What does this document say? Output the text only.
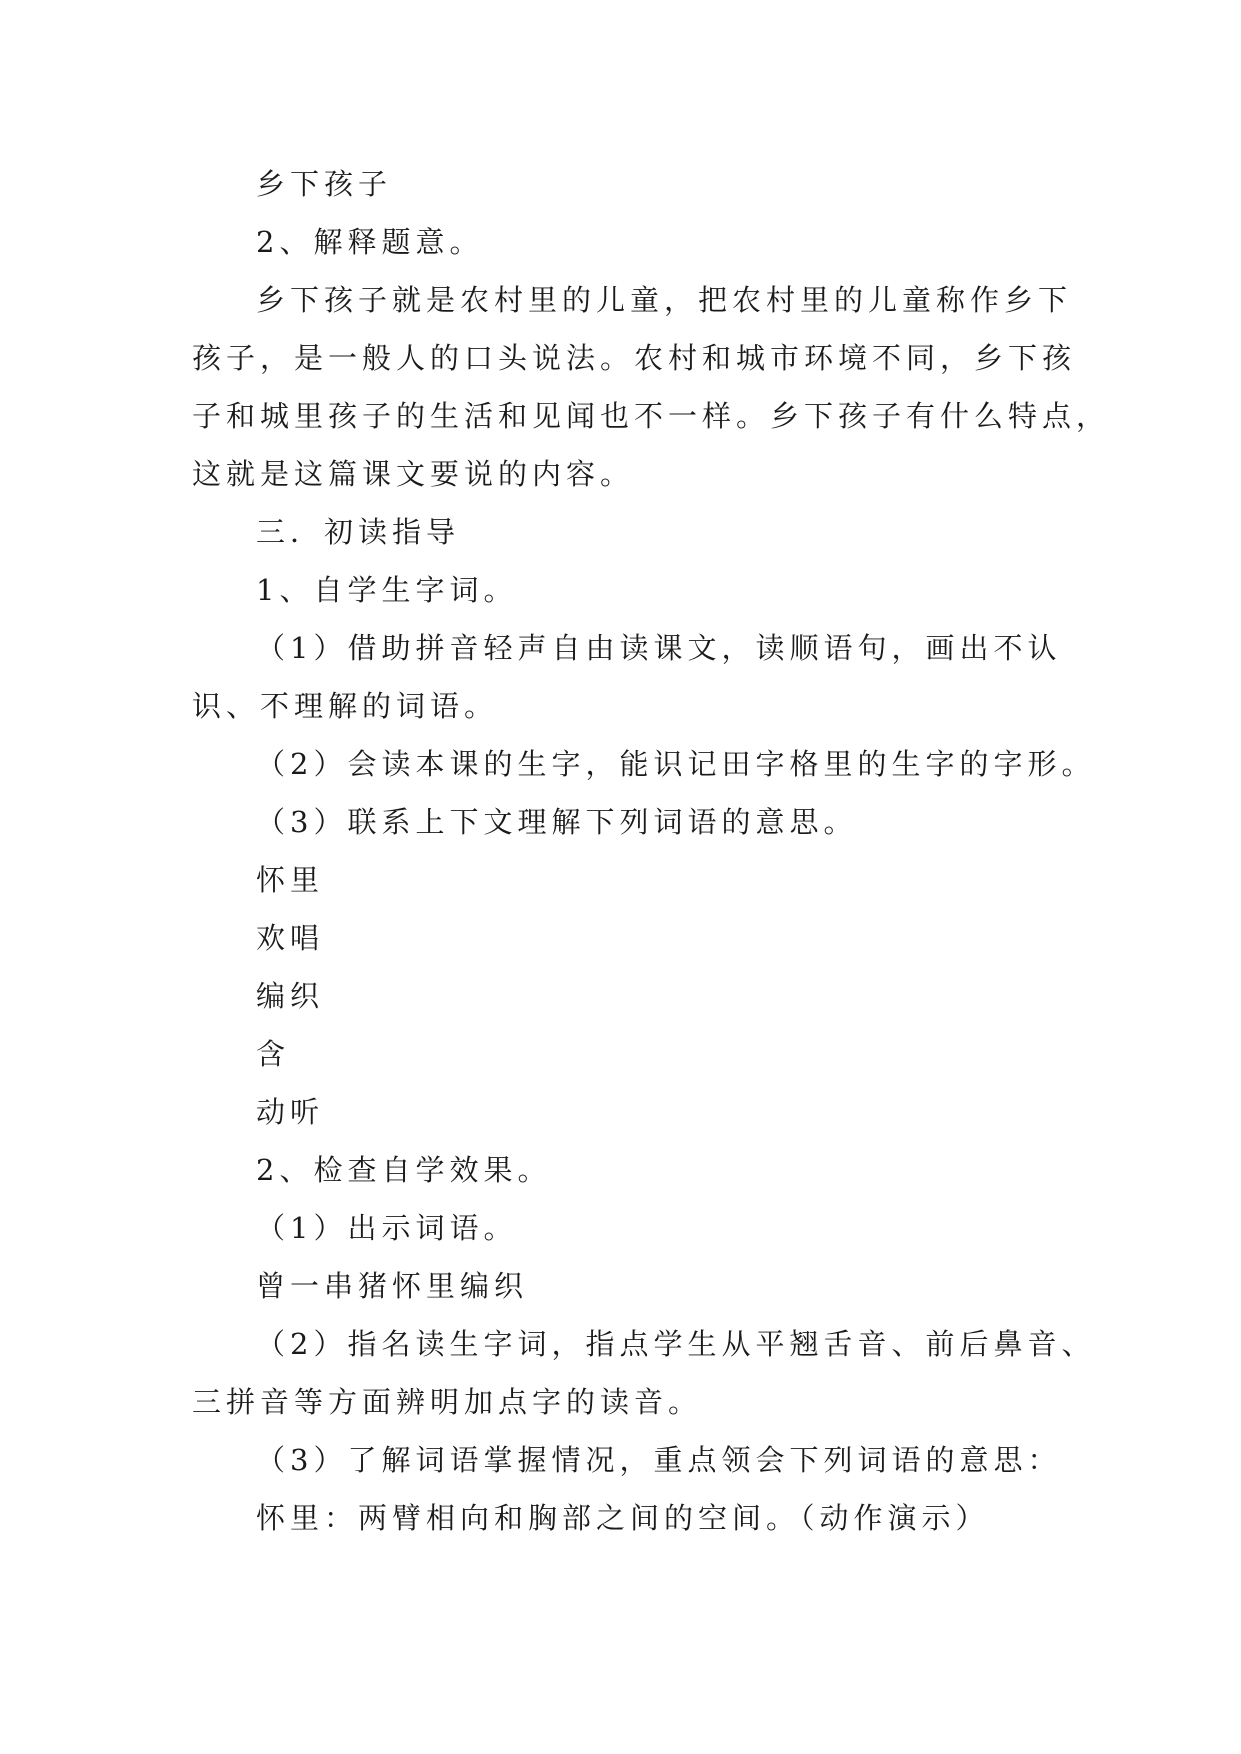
乡下孩子
2、解释题意。
乡下孩子就是农村里的儿童，把农村里的儿童称作乡下
孩子，是一般人的口头说法。农村和城市环境不同，乡下孩
子和城里孩子的生活和见闻也不一样。乡下孩子有什么特点，
这就是这篇课文要说的内容。
三．初读指导
1、自学生字词。
（1）借助拼音轻声自由读课文，读顺语句，画出不认
识、不理解的词语。
（2）会读本课的生字，能识记田字格里的生字的字形。
（3）联系上下文理解下列词语的意思。
怀里
欢唱
编织
含
动听
2、检查自学效果。
（1）出示词语。
曾一串猪怀里编织
（2）指名读生字词，指点学生从平翘舌音、前后鼻音、
三拼音等方面辨明加点字的读音。
（3）了解词语掌握情况，重点领会下列词语的意思：
怀里：两臂相向和胸部之间的空间。（动作演示）
